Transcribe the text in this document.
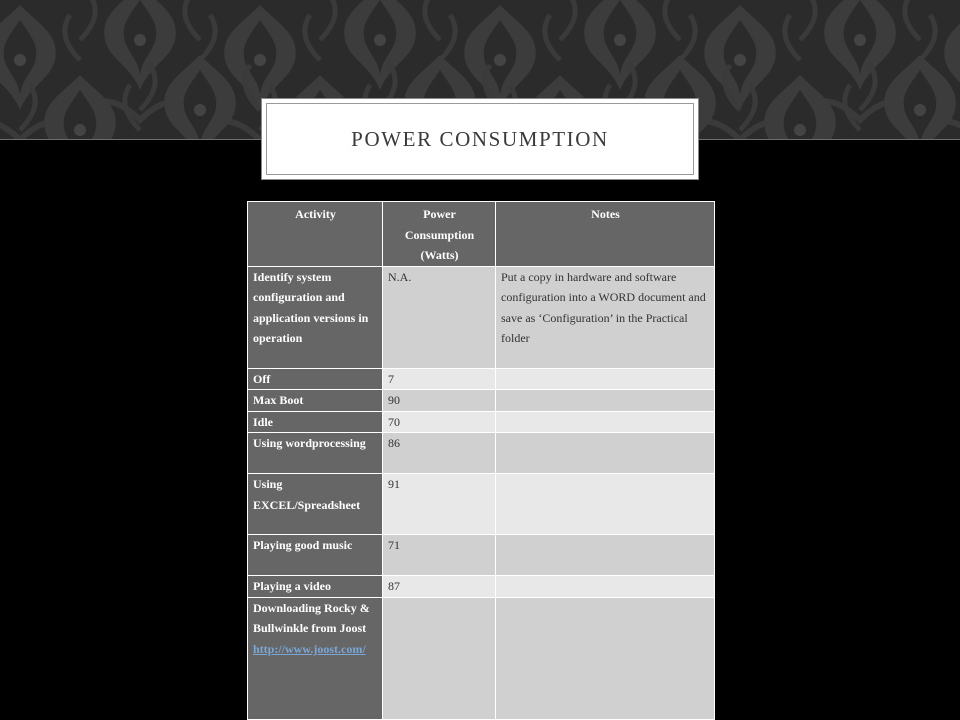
POWER CONSUMPTION
Activity	Power Consumption (Watts)	Notes
Identify system configuration and application versions in operation	N.A.	Put a copy in hardware and software configuration into a WORD document and save as ‘Configuration’ in the Practical folder
Off	7	
Max Boot	90	
Idle	70	
Using wordprocessing	86	
Using EXCEL/Spreadsheet	91	
Playing good music	71	
Playing a video	87	
Downloading Rocky & Bullwinkle from Joost http://www.joost.com/		
